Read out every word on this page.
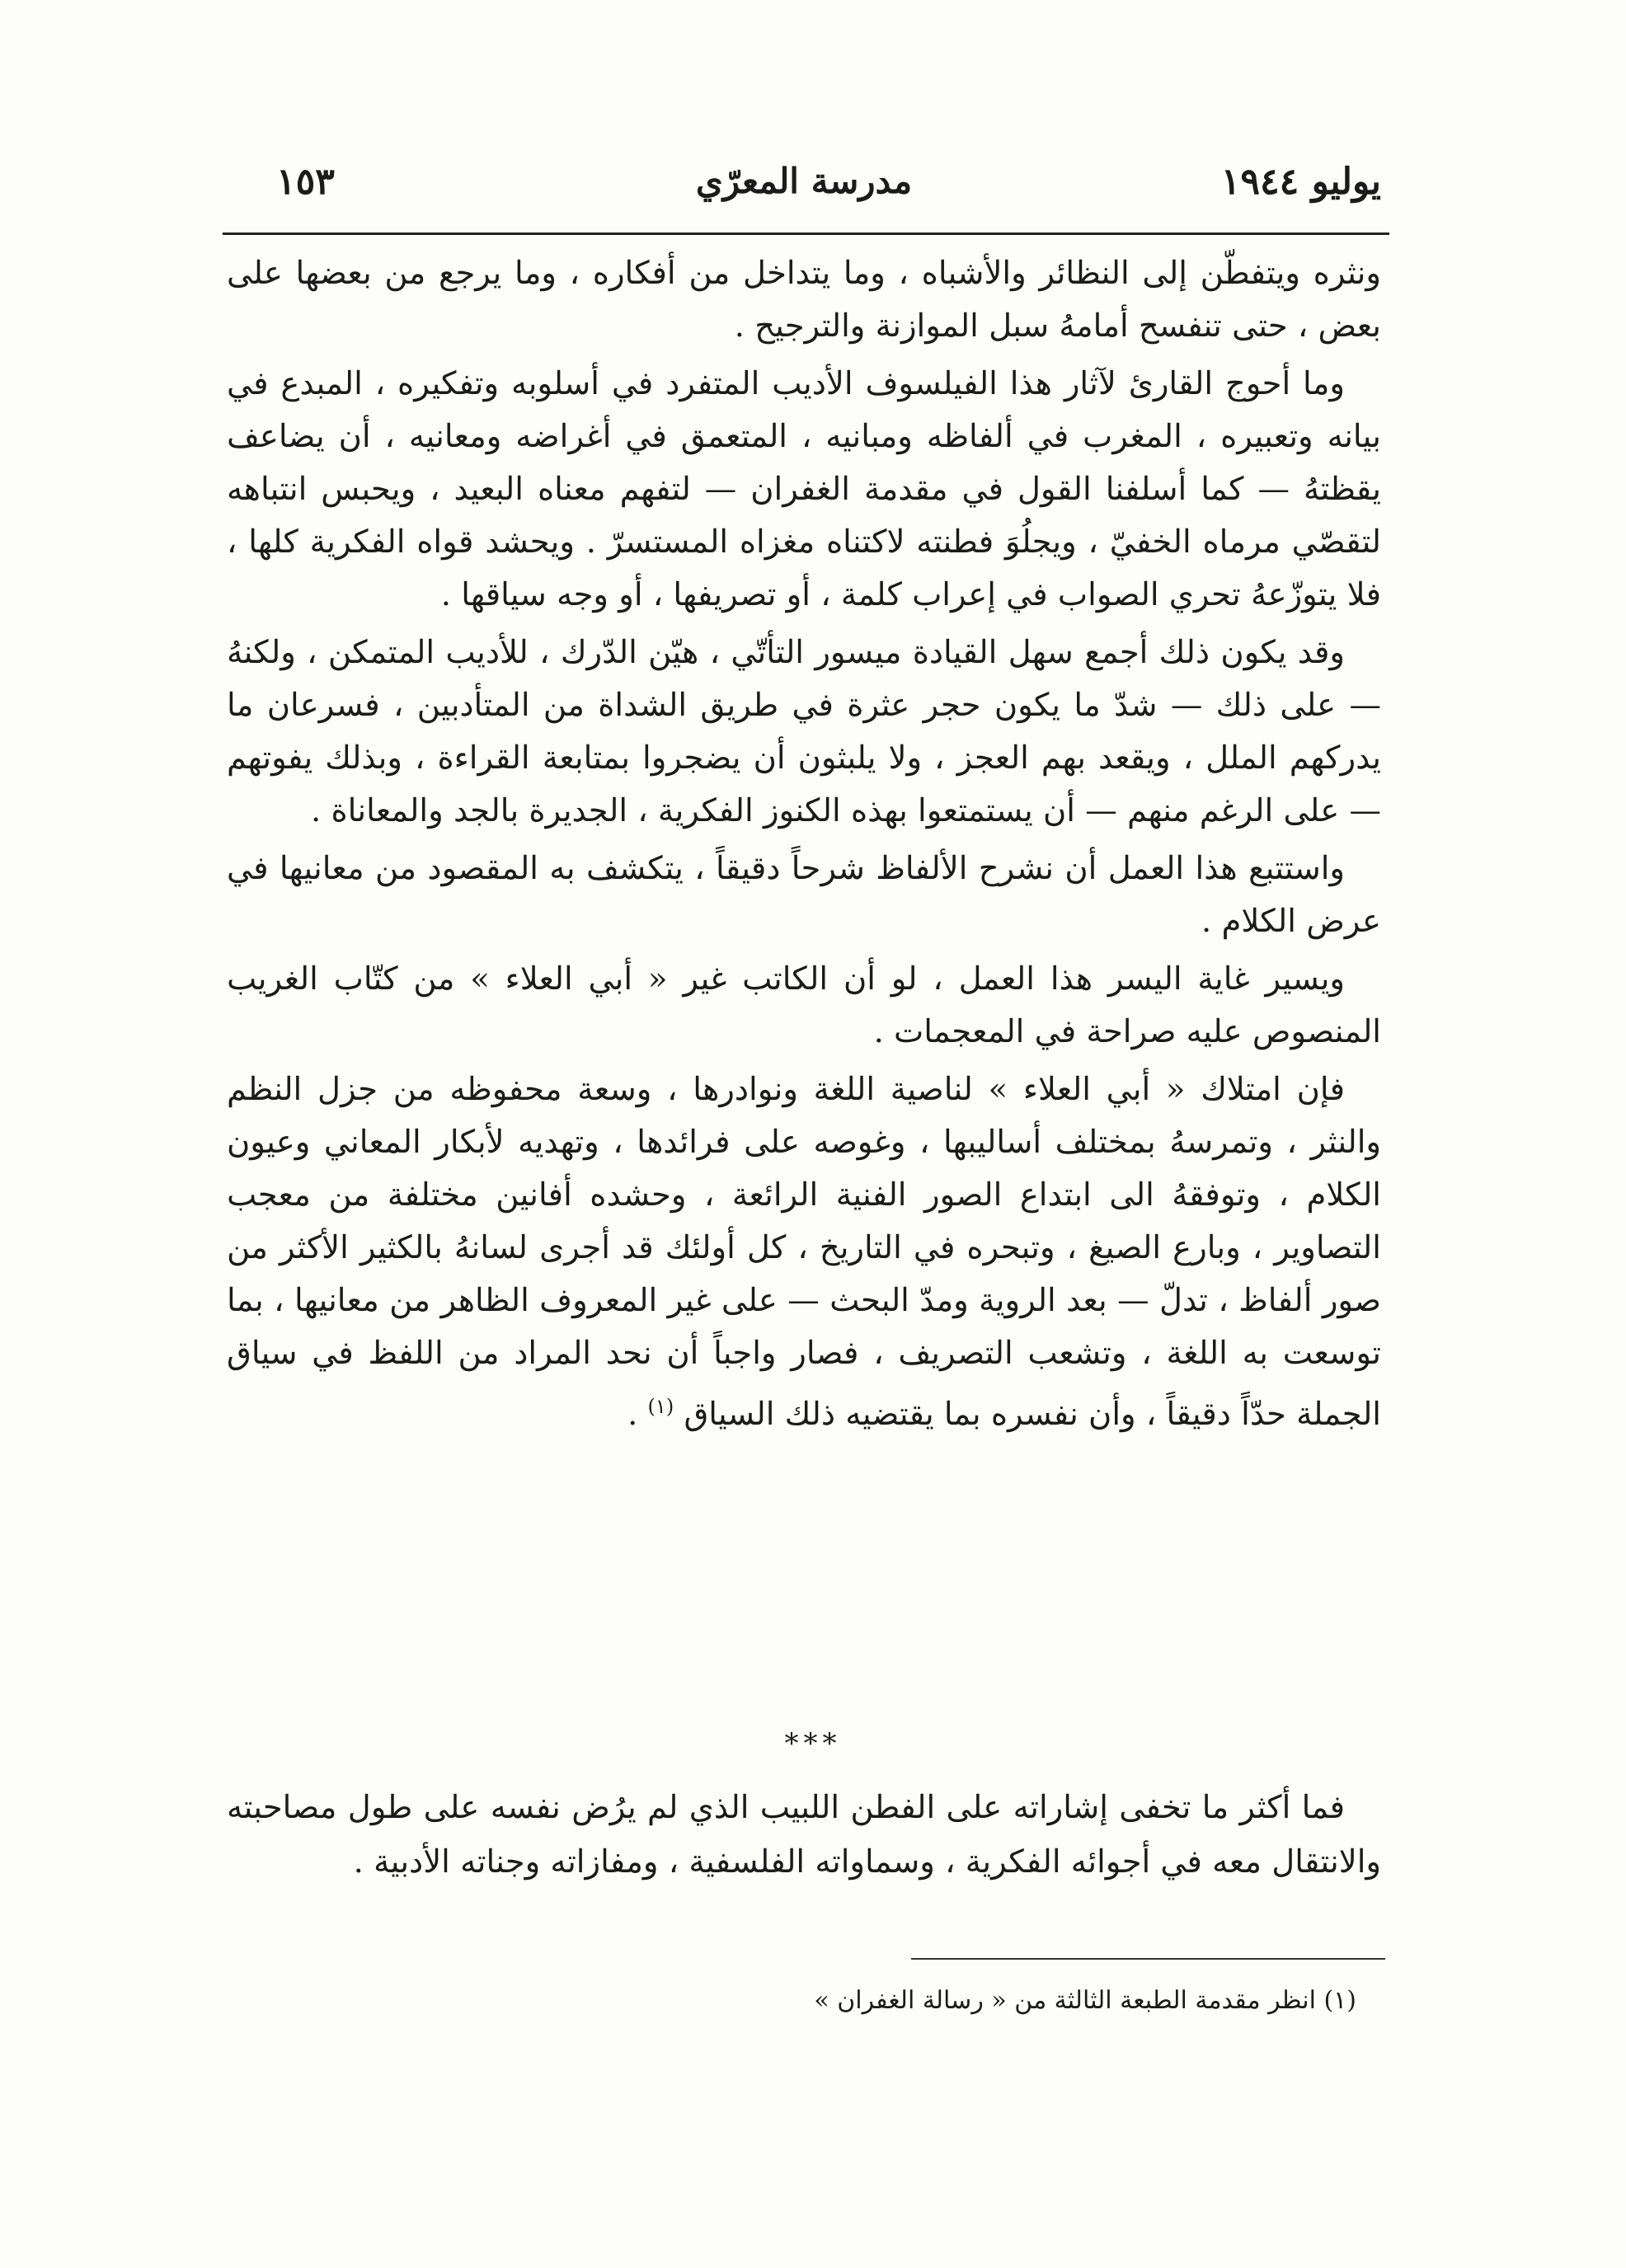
يوليو ١٩٤٤
مدرسة المعرّي
١٥٣

ونثره ويتفطّن إلى النظائر والأشباه ، وما يتداخل من أفكاره ، وما يرجع من بعضها على بعض ، حتى تنفسح أمامهُ سبل الموازنة والترجيح .

وما أحوج القارئ لآثار هذا الفيلسوف الأديب المتفرد في أسلوبه وتفكيره ، المبدع في بيانه وتعبيره ، المغرب في ألفاظه ومبانيه ، المتعمق في أغراضه ومعانيه ، أن يضاعف يقظتهُ — كما أسلفنا القول في مقدمة الغفران — لتفهم معناه البعيد ، ويحبس انتباهه لتقصّي مرماه الخفيّ ، ويجلُوَ فطنته لاكتناه مغزاه المستسرّ . ويحشد قواه الفكرية كلها ، فلا يتوزّعهُ تحري الصواب في إعراب كلمة ، أو تصريفها ، أو وجه سياقها .

وقد يكون ذلك أجمع سهل القيادة ميسور التأتّي ، هيّن الدّرك ، للأديب المتمكن ، ولكنهُ — على ذلك — شدّ ما يكون حجر عثرة في طريق الشداة من المتأدبين ، فسرعان ما يدركهم الملل ، ويقعد بهم العجز ، ولا يلبثون أن يضجروا بمتابعة القراءة ، وبذلك يفوتهم — على الرغم منهم — أن يستمتعوا بهذه الكنوز الفكرية ، الجديرة بالجد والمعاناة .

واستتبع هذا العمل أن نشرح الألفاظ شرحاً دقيقاً ، يتكشف به المقصود من معانيها في عرض الكلام .

ويسير غاية اليسر هذا العمل ، لو أن الكاتب غير « أبي العلاء » من كتّاب الغريب المنصوص عليه صراحة في المعجمات .

فإن امتلاك « أبي العلاء » لناصية اللغة ونوادرها ، وسعة محفوظه من جزل النظم والنثر ، وتمرسهُ بمختلف أساليبها ، وغوصه على فرائدها ، وتهديه لأبكار المعاني وعيون الكلام ، وتوفقهُ الى ابتداع الصور الفنية الرائعة ، وحشده أفانين مختلفة من معجب التصاوير ، وبارع الصيغ ، وتبحره في التاريخ ، كل أولئك قد أجرى لسانهُ بالكثير الأكثر من صور ألفاظ ، تدلّ — بعد الروية ومدّ البحث — على غير المعروف الظاهر من معانيها ، بما توسعت به اللغة ، وتشعب التصريف ، فصار واجباً أن نحد المراد من اللفظ في سياق الجملة حدّاً دقيقاً ، وأن نفسره بما يقتضيه ذلك السياق $^{(١)}$ .

***

فما أكثر ما تخفى إشاراته على الفطن اللبيب الذي لم يرُض نفسه على طول مصاحبته والانتقال معه في أجوائه الفكرية ، وسماواته الفلسفية ، ومفازاته وجناته الأدبية .

(١) انظر مقدمة الطبعة الثالثة من « رسالة الغفران »
